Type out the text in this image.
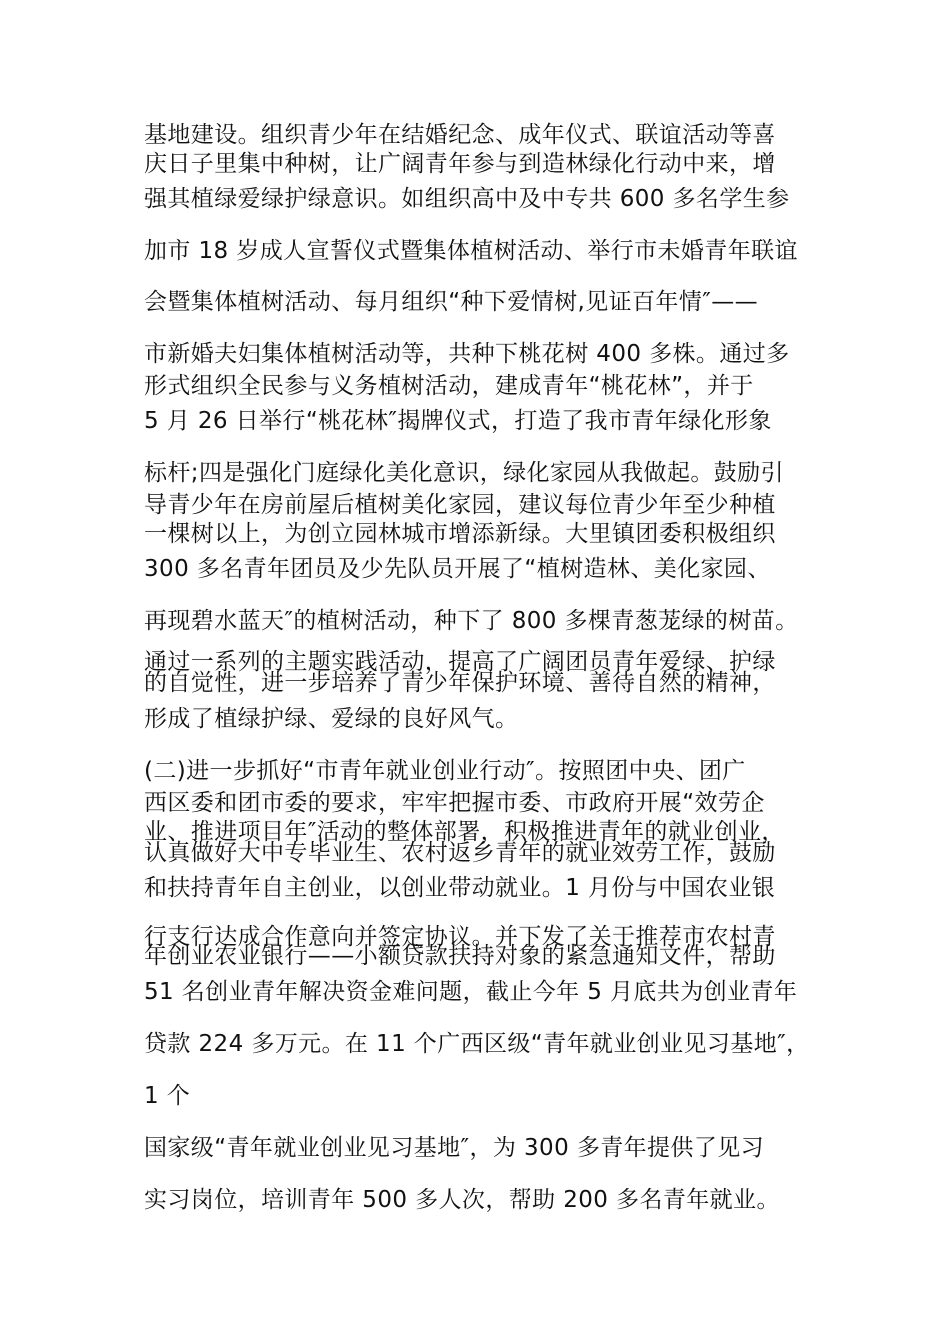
基地建设。组织青少年在结婚纪念、成年仪式、联谊活动等喜
庆日子里集中种树，让广阔青年参与到造林绿化行动中来，增
强其植绿爱绿护绿意识。如组织高中及中专共 600 多名学生参
加市 18 岁成人宣誓仪式暨集体植树活动、举行市未婚青年联谊
会暨集体植树活动、每月组织“种下爱情树,见证百年情″——
市新婚夫妇集体植树活动等，共种下桃花树 400 多株。通过多
形式组织全民参与义务植树活动，建成青年“桃花林”，并于
5 月 26 日举行“桃花林″揭牌仪式，打造了我市青年绿化形象
标杆;四是强化门庭绿化美化意识，绿化家园从我做起。鼓励引
导青少年在房前屋后植树美化家园，建议每位青少年至少种植
一棵树以上，为创立园林城市增添新绿。大里镇团委积极组织
300 多名青年团员及少先队员开展了“植树造林、美化家园、
再现碧水蓝天″的植树活动，种下了 800 多棵青葱茏绿的树苗。
通过一系列的主题实践活动，提高了广阔团员青年爱绿、护绿
的自觉性，进一步培养了青少年保护环境、善待自然的精神，
形成了植绿护绿、爱绿的良好风气。
(二)进一步抓好“市青年就业创业行动″。按照团中央、团广
西区委和团市委的要求，牢牢把握市委、市政府开展“效劳企
业、推进项目年″活动的整体部署，积极推进青年的就业创业，
认真做好大中专毕业生、农村返乡青年的就业效劳工作，鼓励
和扶持青年自主创业，以创业带动就业。1 月份与中国农业银
行支行达成合作意向并签定协议。并下发了关于推荐市农村青
年创业农业银行——小额贷款扶持对象的紧急通知文件，帮助
51 名创业青年解决资金难问题，截止今年 5 月底共为创业青年
贷款 224 多万元。在 11 个广西区级“青年就业创业见习基地″，
1 个
国家级“青年就业创业见习基地″，为 300 多青年提供了见习
实习岗位，培训青年 500 多人次，帮助 200 多名青年就业。
